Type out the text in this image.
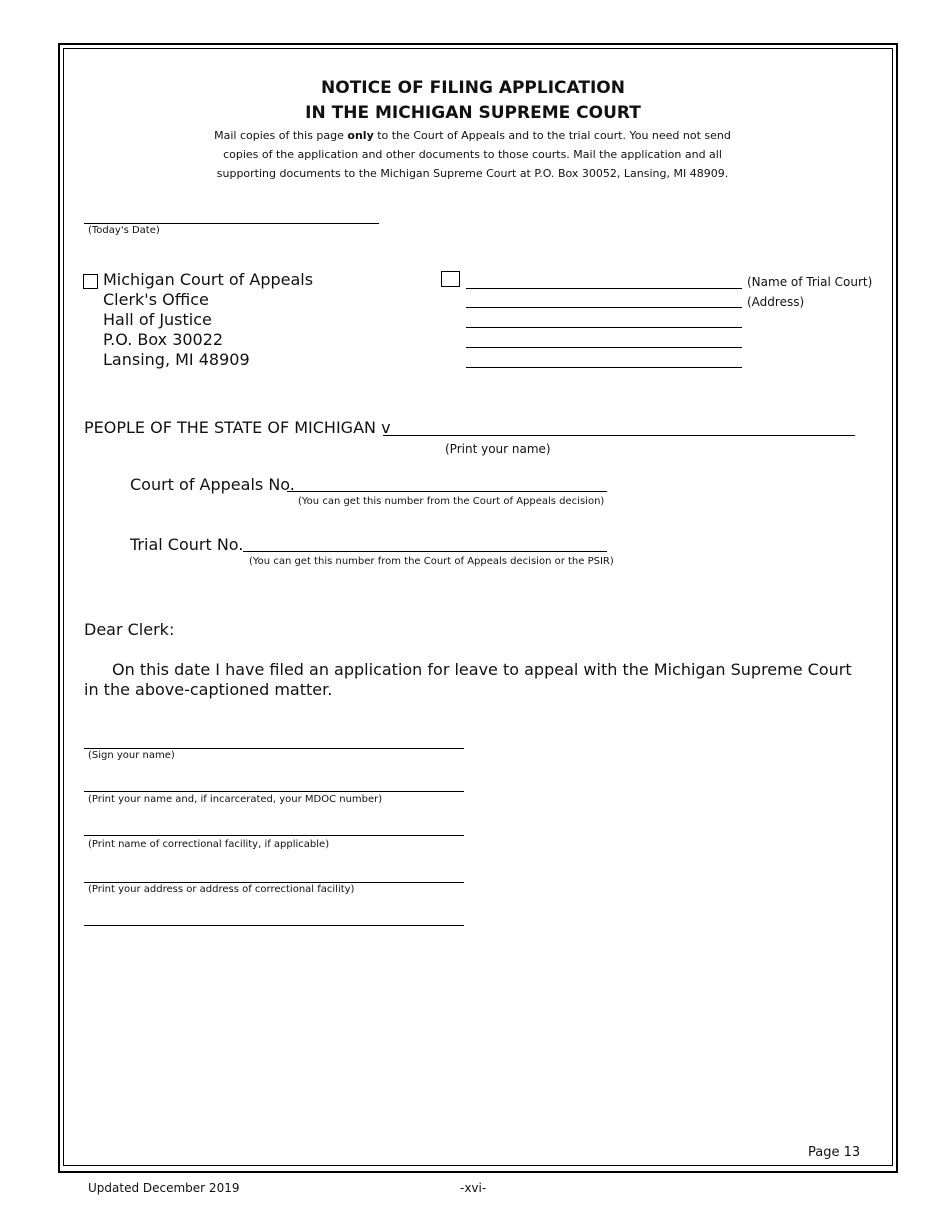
NOTICE OF FILING APPLICATION
IN THE MICHIGAN SUPREME COURT
Mail copies of this page only to the Court of Appeals and to the trial court. You need not send copies of the application and other documents to those courts. Mail the application and all supporting documents to the Michigan Supreme Court at P.O. Box 30052, Lansing, MI 48909.
(Today's Date)
Michigan Court of Appeals
Clerk's Office
Hall of Justice
P.O. Box 30022
Lansing, MI 48909
(Name of Trial Court)
(Address)
PEOPLE OF THE STATE OF MICHIGAN v
(Print your name)
Court of Appeals No.
(You can get this number from the Court of Appeals decision)
Trial Court No.
(You can get this number from the Court of Appeals decision or the PSIR)
Dear Clerk:
On this date I have filed an application for leave to appeal with the Michigan Supreme Court in the above-captioned matter.
(Sign your name)
(Print your name and, if incarcerated, your MDOC number)
(Print name of correctional facility, if applicable)
(Print your address or address of correctional facility)
Page 13
Updated December 2019	-xvi-
